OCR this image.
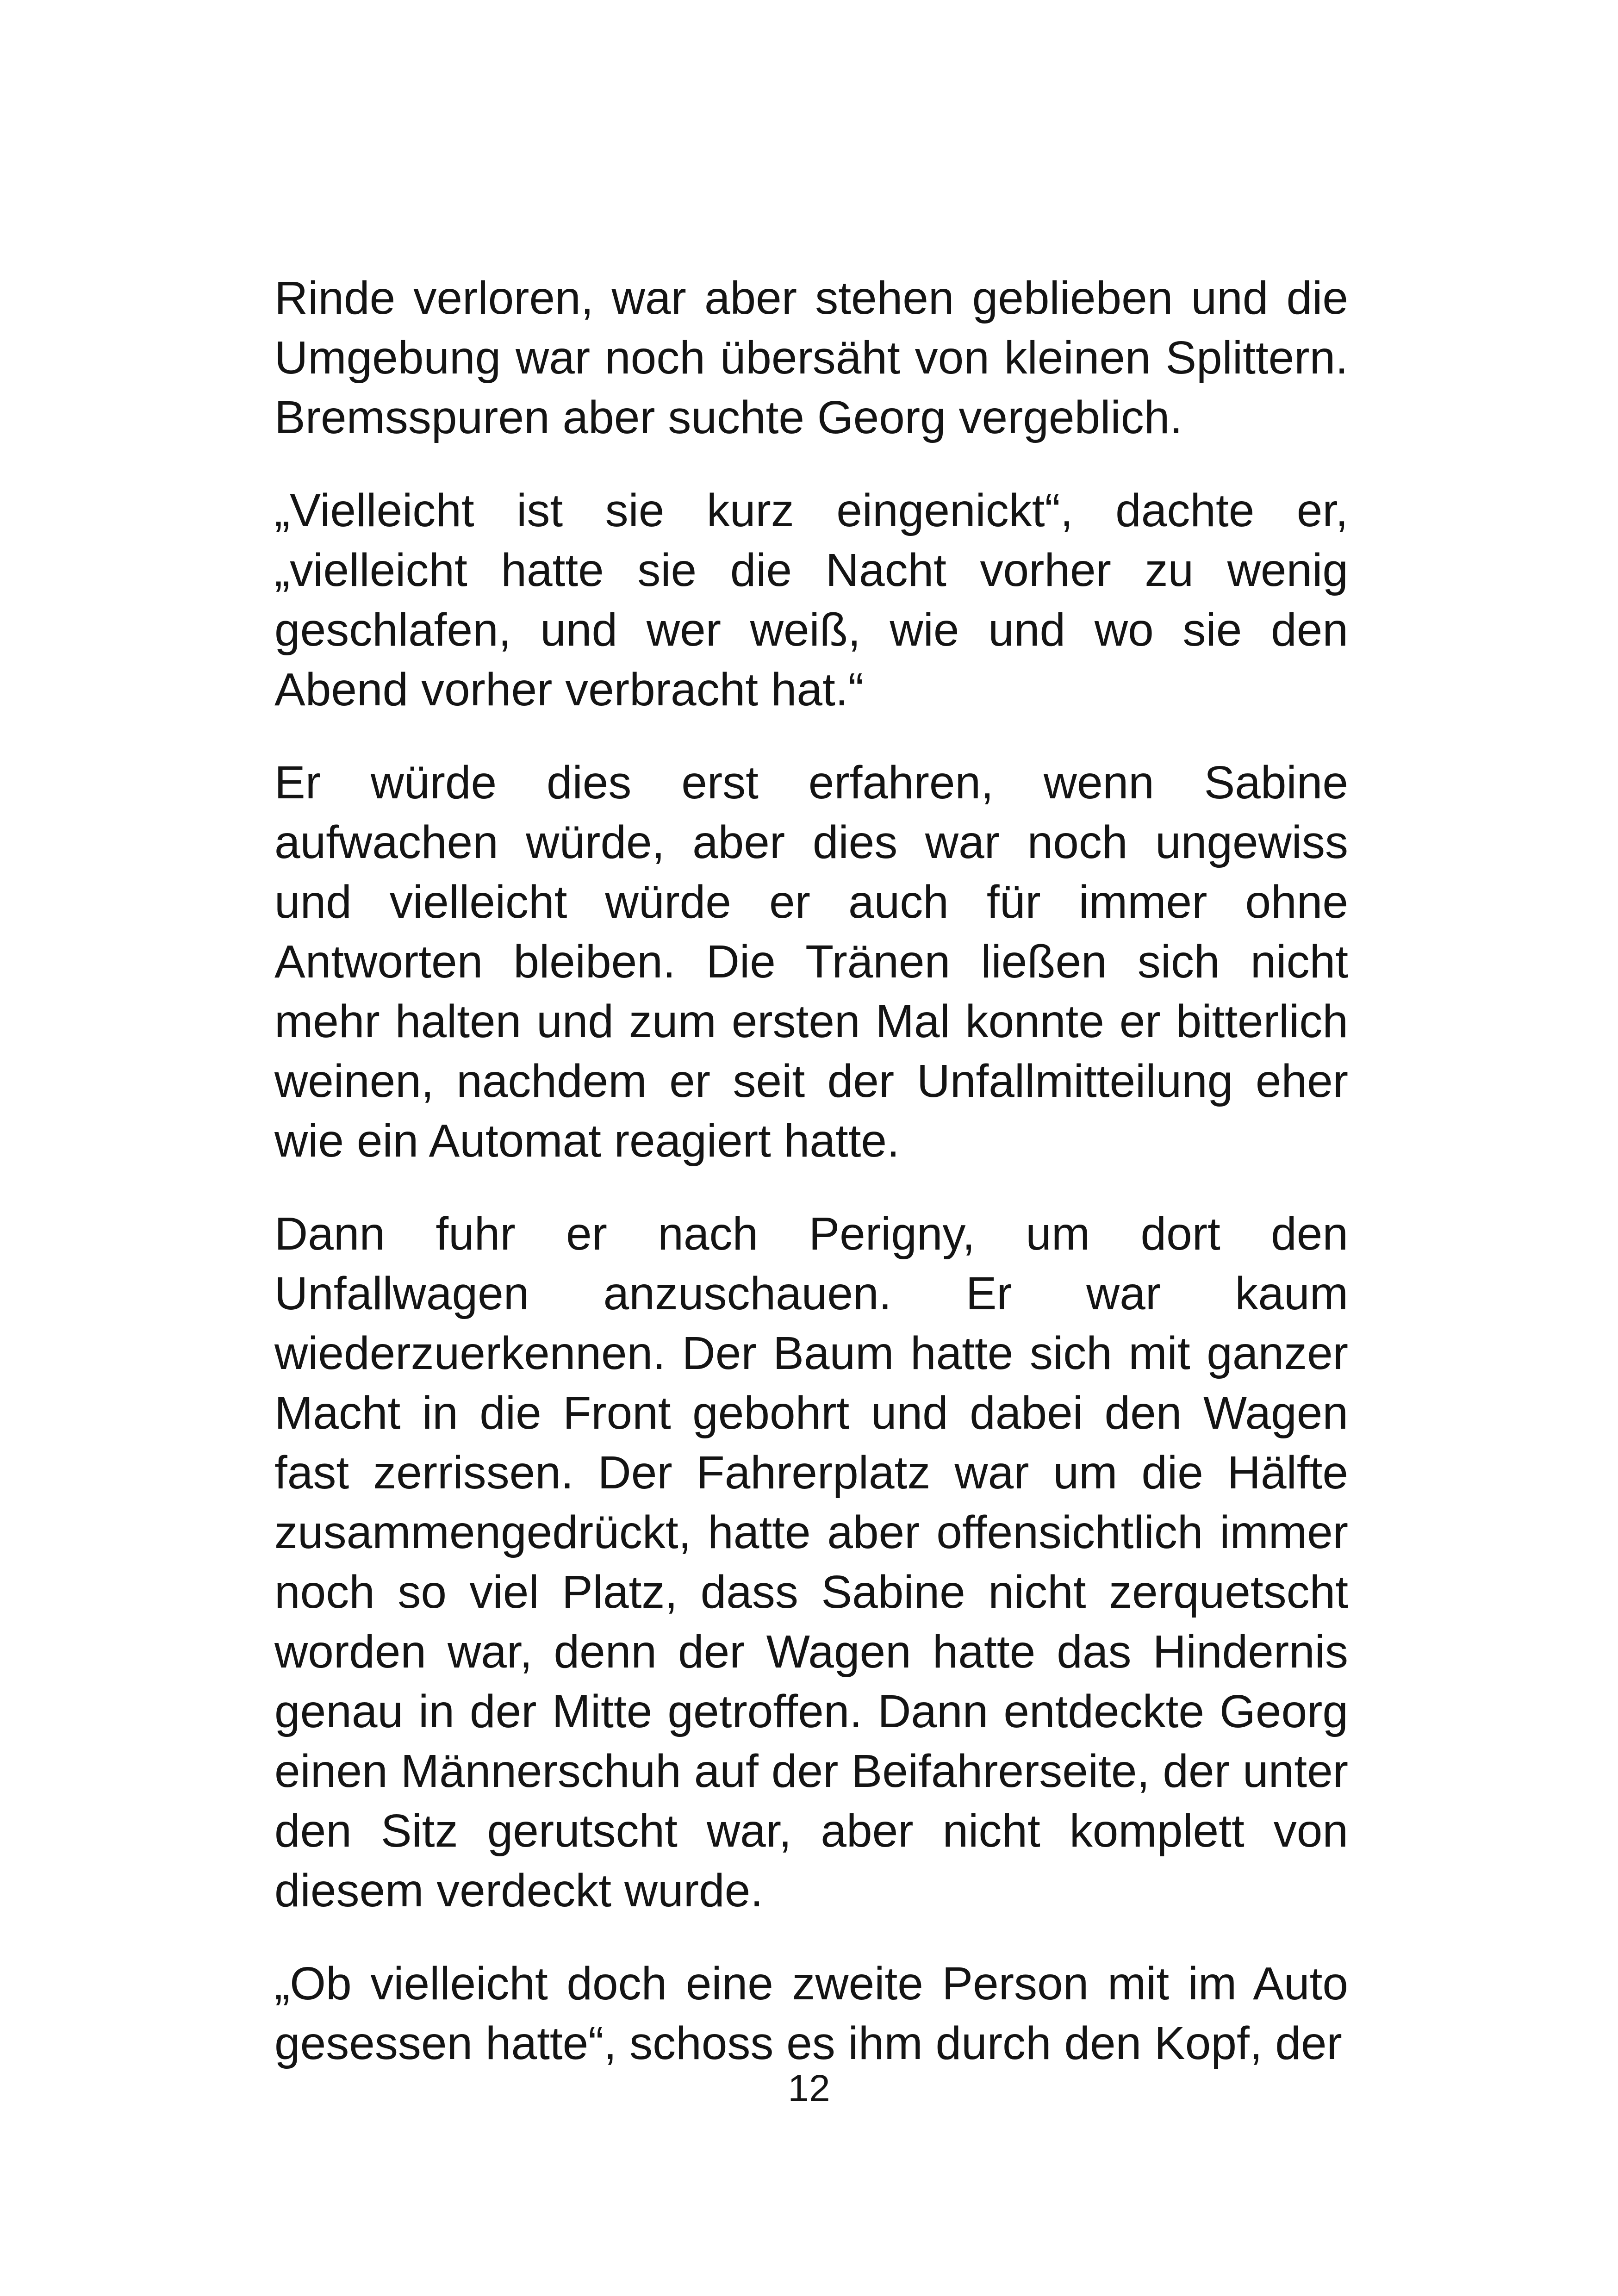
Rinde verloren, war aber stehen geblieben und die Umgebung war noch übersäht von kleinen Splittern. Bremsspuren aber suchte Georg vergeblich.

„Vielleicht ist sie kurz eingenickt“, dachte er, „vielleicht hatte sie die Nacht vorher zu wenig geschlafen, und wer weiß, wie und wo sie den Abend vorher verbracht hat.“

Er würde dies erst erfahren, wenn Sabine aufwachen würde, aber dies war noch ungewiss und vielleicht würde er auch für immer ohne Antworten bleiben. Die Tränen ließen sich nicht mehr halten und zum ersten Mal konnte er bitterlich weinen, nachdem er seit der Unfallmitteilung eher wie ein Automat reagiert hatte.

Dann fuhr er nach Perigny, um dort den Unfallwagen anzuschauen. Er war kaum wiederzuerkennen. Der Baum hatte sich mit ganzer Macht in die Front gebohrt und dabei den Wagen fast zerrissen. Der Fahrerplatz war um die Hälfte zusammengedrückt, hatte aber offensichtlich immer noch so viel Platz, dass Sabine nicht zerquetscht worden war, denn der Wagen hatte das Hindernis genau in der Mitte getroffen. Dann entdeckte Georg einen Männerschuh auf der Beifahrerseite, der unter den Sitz gerutscht war, aber nicht komplett von diesem verdeckt wurde.

„Ob vielleicht doch eine zweite Person mit im Auto gesessen hatte“, schoss es ihm durch den Kopf, der

12
